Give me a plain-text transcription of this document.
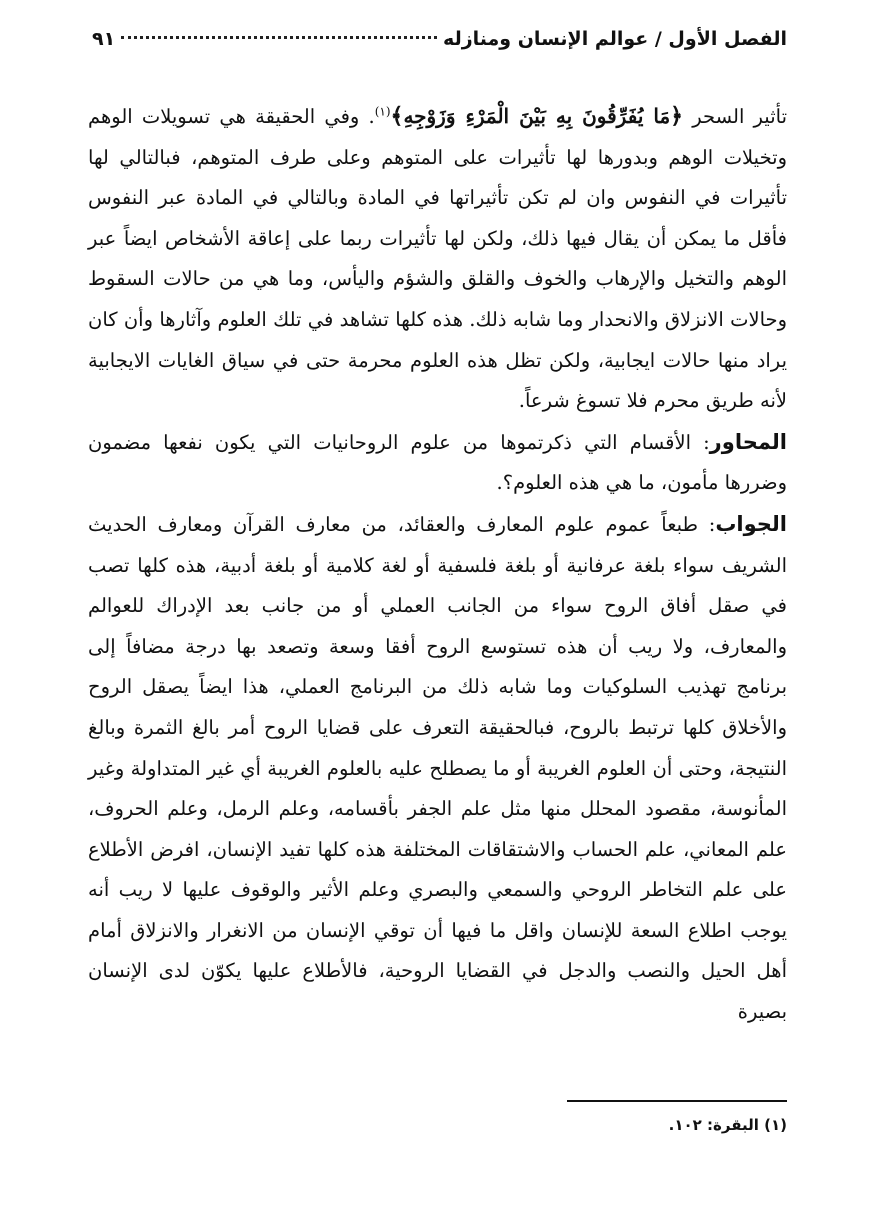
الفصل الأول / عوالم الإنسان ومنازله
٩١

تأثير السحر ﴿مَا يُفَرِّقُونَ بِهِ بَيْنَ الْمَرْءِ وَزَوْجِهِ﴾$^{(١)}$. وفي الحقيقة هي تسويلات الوهم وتخيلات الوهم وبدورها لها تأثيرات على المتوهم وعلى طرف المتوهم، فبالتالي لها تأثيرات في النفوس وان لم تكن تأثيراتها في المادة وبالتالي في المادة عبر النفوس فأقل ما يمكن أن يقال فيها ذلك، ولكن لها تأثيرات ربما على إعاقة الأشخاص ايضاً عبر الوهم والتخيل والإرهاب والخوف والقلق والشؤم واليأس، وما هي من حالات السقوط وحالات الانزلاق والانحدار وما شابه ذلك. هذه كلها تشاهد في تلك العلوم وآثارها وأن كان يراد منها حالات ايجابية، ولكن تظل هذه العلوم محرمة حتى في سياق الغايات الايجابية لأنه طريق محرم فلا تسوغ شرعاً.

المحاور: الأقسام التي ذكرتموها من علوم الروحانيات التي يكون نفعها مضمون وضررها مأمون، ما هي هذه العلوم؟.

الجواب: طبعاً عموم علوم المعارف والعقائد، من معارف القرآن ومعارف الحديث الشريف سواء بلغة عرفانية أو بلغة فلسفية أو لغة كلامية أو بلغة أدبية، هذه كلها تصب في صقل أفاق الروح سواء من الجانب العملي أو من جانب بعد الإدراك للعوالم والمعارف، ولا ريب أن هذه تستوسع الروح أفقا وسعة وتصعد بها درجة مضافاً إلى برنامج تهذيب السلوكيات وما شابه ذلك من البرنامج العملي، هذا ايضاً يصقل الروح والأخلاق كلها ترتبط بالروح، فبالحقيقة التعرف على قضايا الروح أمر بالغ الثمرة وبالغ النتيجة، وحتى أن العلوم الغريبة أو ما يصطلح عليه بالعلوم الغريبة أي غير المتداولة وغير المأنوسة، مقصود المحلل منها مثل علم الجفر بأقسامه، وعلم الرمل، وعلم الحروف، علم المعاني، علم الحساب والاشتقاقات المختلفة هذه كلها تفيد الإنسان، افرض الأطلاع على علم التخاطر الروحي والسمعي والبصري وعلم الأثير والوقوف عليها لا ريب أنه يوجب اطلاع السعة للإنسان واقل ما فيها أن توقي الإنسان من الانغرار والانزلاق أمام أهل الحيل والنصب والدجل في القضايا الروحية، فالأطلاع عليها يكوّن لدى الإنسان بصيرة

(١) البقرة: ١٠٢.
